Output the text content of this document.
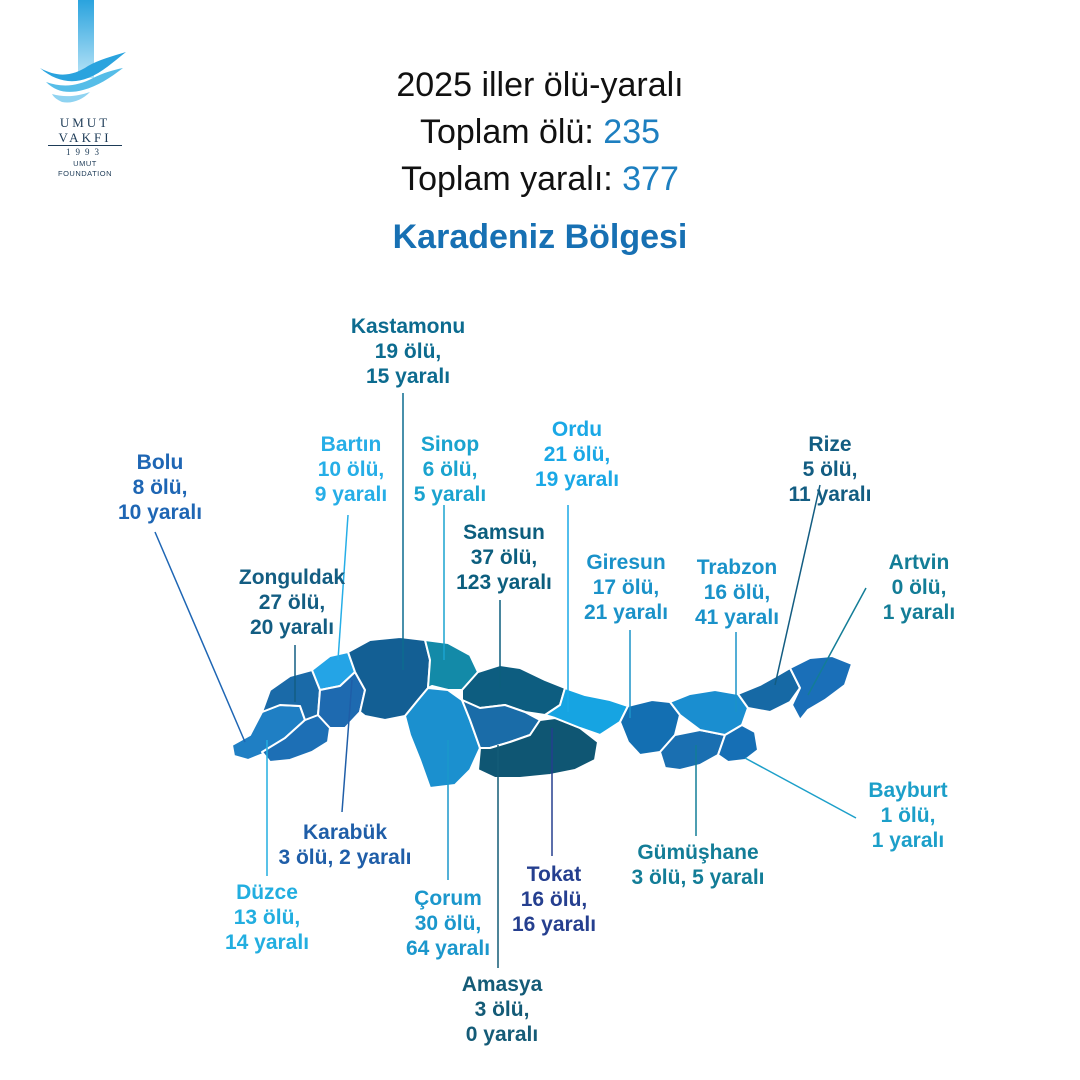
UMUT
VAKFI
1993
UMUT
FOUNDATION
2025 iller ölü-yaralı
Toplam ölü: 235
Toplam yaralı: 377
Karadeniz Bölgesi
Kastamonu
19 ölü,
15 yaralı
Bartın
10 ölü,
9 yaralı
Sinop
6 ölü,
5 yaralı
Ordu
21 ölü,
19 yaralı
Rize
5 ölü,
11 yaralı
Bolu
8 ölü,
10 yaralı
Samsun
37 ölü,
123 yaralı
Zonguldak
27 ölü,
20 yaralı
Giresun
17 ölü,
21 yaralı
Trabzon
16 ölü,
41 yaralı
Artvin
0 ölü,
1 yaralı
Karabük
3 ölü, 2 yaralı
Düzce
13 ölü,
14 yaralı
Çorum
30 ölü,
64 yaralı
Tokat
16 ölü,
16 yaralı
Gümüşhane
3 ölü, 5 yaralı
Bayburt
1 ölü,
1 yaralı
Amasya
3 ölü,
0 yaralı
